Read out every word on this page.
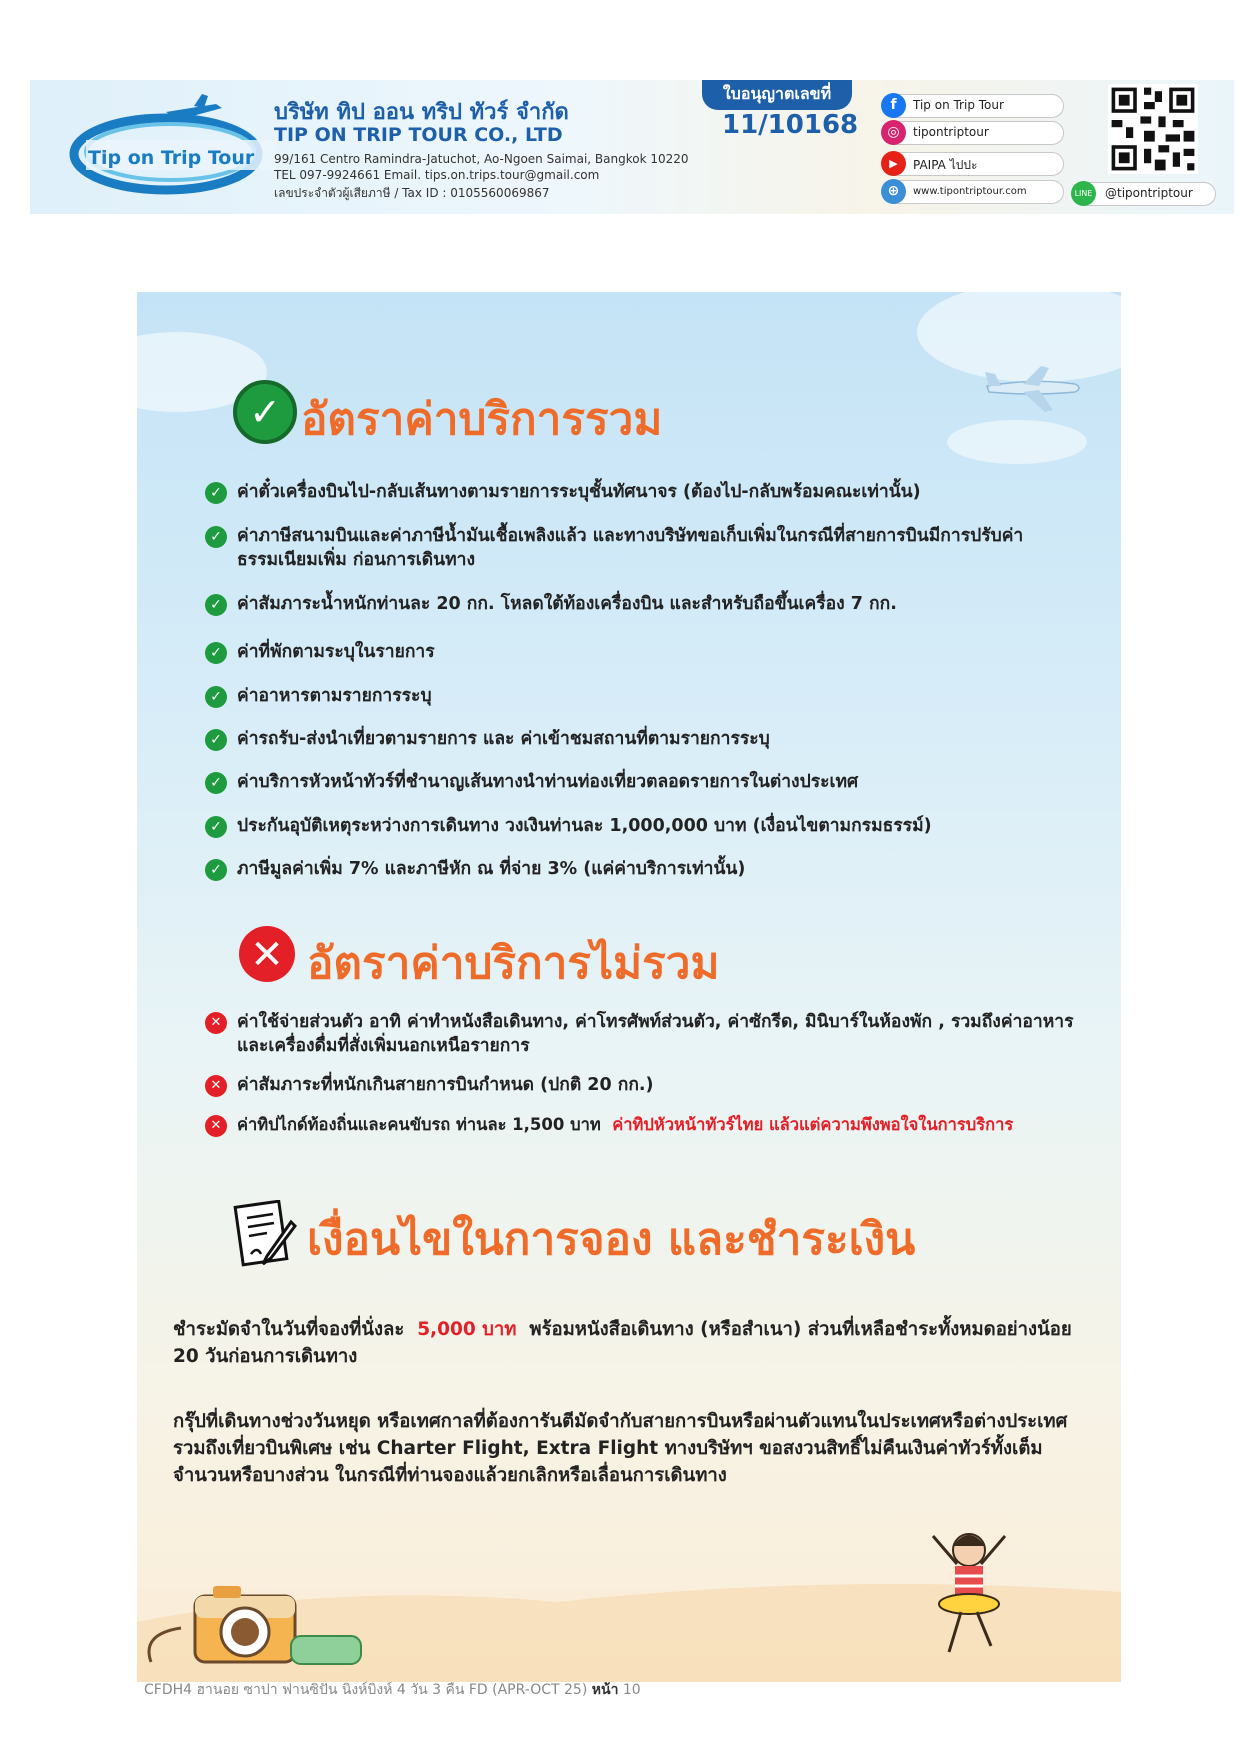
Tip on Trip Tour
บริษัท ทิป ออน ทริป ทัวร์ จำกัด
TIP ON TRIP TOUR CO., LTD
99/161 Centro Ramindra-Jatuchot, Ao-Ngoen Saimai, Bangkok 10220
TEL 097-9924661 Email. tips.on.trips.tour@gmail.com
เลขประจำตัวผู้เสียภาษี / Tax ID : 0105560069867
ใบอนุญาตเลขที่
11/10168
f	Tip on Trip Tour
◎	tipontriptour
▶	PAIPA ไปปะ
⊕	www.tipontriptour.com	LINE @tipontriptour
✓ อัตราค่าบริการรวม
✓ ค่าตั๋วเครื่องบินไป-กลับเส้นทางตามรายการระบุชั้นทัศนาจร (ต้องไป-กลับพร้อมคณะเท่านั้น)
✓ ค่าภาษีสนามบินและค่าภาษีน้ำมันเชื้อเพลิงแล้ว และทางบริษัทขอเก็บเพิ่มในกรณีที่สายการบินมีการปรับค่าธรรมเนียมเพิ่ม ก่อนการเดินทาง
✓ ค่าสัมภาระน้ำหนักท่านละ 20 กก. โหลดใต้ท้องเครื่องบิน และสำหรับถือขึ้นเครื่อง 7 กก.
✓ ค่าที่พักตามระบุในรายการ
✓ ค่าอาหารตามรายการระบุ
✓ ค่ารถรับ-ส่งนำเที่ยวตามรายการ และ ค่าเข้าชมสถานที่ตามรายการระบุ
✓ ค่าบริการหัวหน้าทัวร์ที่ชำนาญเส้นทางนำท่านท่องเที่ยวตลอดรายการในต่างประเทศ
✓ ประกันอุบัติเหตุระหว่างการเดินทาง วงเงินท่านละ 1,000,000 บาท (เงื่อนไขตามกรมธรรม์)
✓ ภาษีมูลค่าเพิ่ม 7% และภาษีหัก ณ ที่จ่าย 3% (แค่ค่าบริการเท่านั้น)
✕ อัตราค่าบริการไม่รวม
✕ ค่าใช้จ่ายส่วนตัว อาทิ ค่าทำหนังสือเดินทาง, ค่าโทรศัพท์ส่วนตัว, ค่าซักรีด, มินิบาร์ในห้องพัก , รวมถึงค่าอาหารและเครื่องดื่มที่สั่งเพิ่มนอกเหนือรายการ
✕ ค่าสัมภาระที่หนักเกินสายการบินกำหนด (ปกติ 20 กก.)
✕ ค่าทิปไกด์ท้องถิ่นและคนขับรถ ท่านละ 1,500 บาท ค่าทิปหัวหน้าทัวร์ไทย แล้วแต่ความพึงพอใจในการบริการ
เงื่อนไขในการจอง และชำระเงิน
ชำระมัดจำในวันที่จองที่นั่งละ 5,000 บาท พร้อมหนังสือเดินทาง (หรือสำเนา) ส่วนที่เหลือชำระทั้งหมดอย่างน้อย 20 วันก่อนการเดินทาง
กรุ๊ปที่เดินทางช่วงวันหยุด หรือเทศกาลที่ต้องการันตีมัดจำกับสายการบินหรือผ่านตัวแทนในประเทศหรือต่างประเทศ รวมถึงเที่ยวบินพิเศษ เช่น Charter Flight, Extra Flight ทางบริษัทฯ ขอสงวนสิทธิ์ไม่คืนเงินค่าทัวร์ทั้งเต็มจำนวนหรือบางส่วน ในกรณีที่ท่านจองแล้วยกเลิกหรือเลื่อนการเดินทาง
CFDH4 ฮานอย ซาปา ฟานซิปัน นิงห์บิงห์ 4 วัน 3 คืน FD (APR-OCT 25) หน้า 10
